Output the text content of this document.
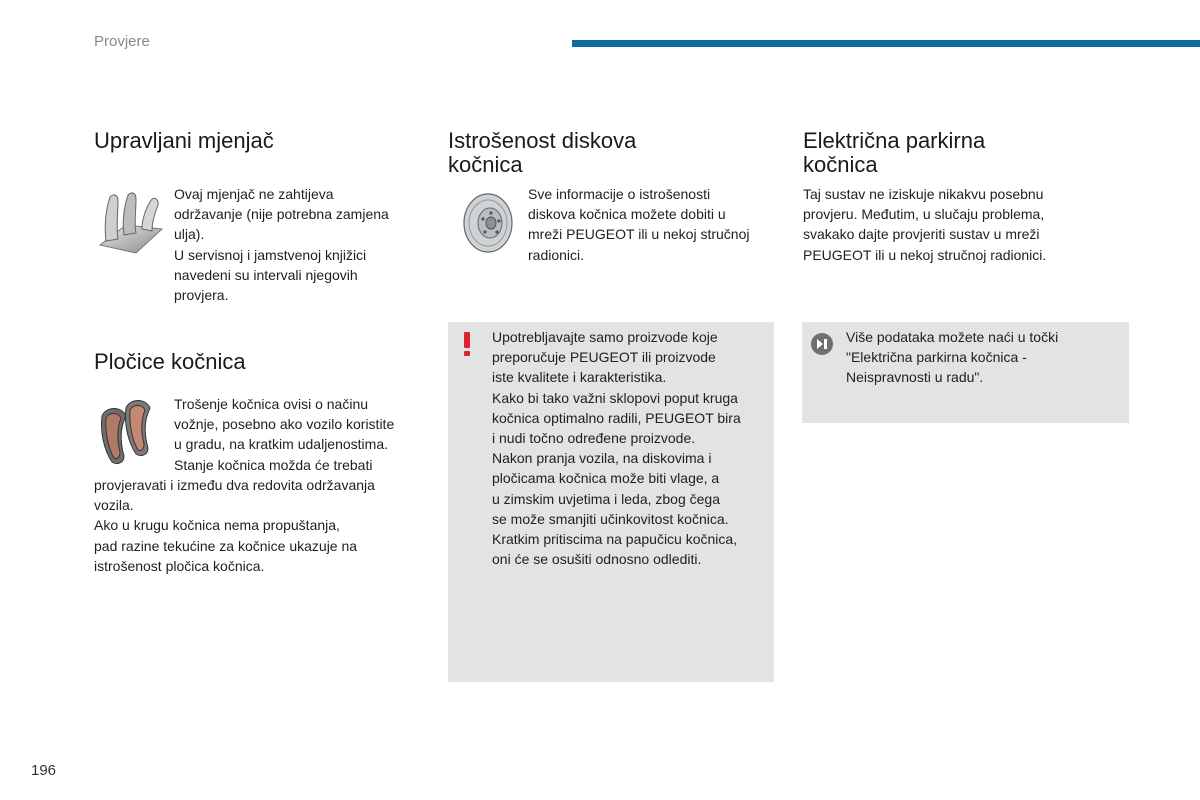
Provjere
Upravljani mjenjač

Ovaj mjenjač ne zahtijeva

održavanje (nije potrebna zamjena

ulja).

U servisnoj i jamstvenoj knjižici

navedeni su intervali njegovih

provjera.

Pločice kočnica

Trošenje kočnica ovisi o načinu

vožnje, posebno ako vozilo koristite

u gradu, na kratkim udaljenostima.

Stanje kočnica možda će trebati

provjeravati i između dva redovita održavanja

vozila.

Ako u krugu kočnica nema propuštanja,

pad razine tekućine za kočnice ukazuje na

istrošenost pločica kočnica.

Istrošenost diskova
kočnica

Sve informacije o istrošenosti

diskova kočnica možete dobiti u

mreži PEUGEOT ili u nekoj stručnoj

radionici.

Upotrebljavajte samo proizvode koje

preporučuje PEUGEOT ili proizvode

iste kvalitete i karakteristika.

Kako bi tako važni sklopovi poput kruga

kočnica optimalno radili, PEUGEOT bira

i nudi točno određene proizvode.

Nakon pranja vozila, na diskovima i

pločicama kočnica može biti vlage, a

u zimskim uvjetima i leda, zbog čega

se može smanjiti učinkovitost kočnica.

Kratkim pritiscima na papučicu kočnica,

oni će se osušiti odnosno odlediti.

Električna parkirna
kočnica

Taj sustav ne iziskuje nikakvu posebnu

provjeru. Međutim, u slučaju problema,

svakako dajte provjeriti sustav u mreži

PEUGEOT ili u nekoj stručnoj radionici.

Više podataka možete naći u točki

"Električna parkirna kočnica -

Neispravnosti u radu".

196
